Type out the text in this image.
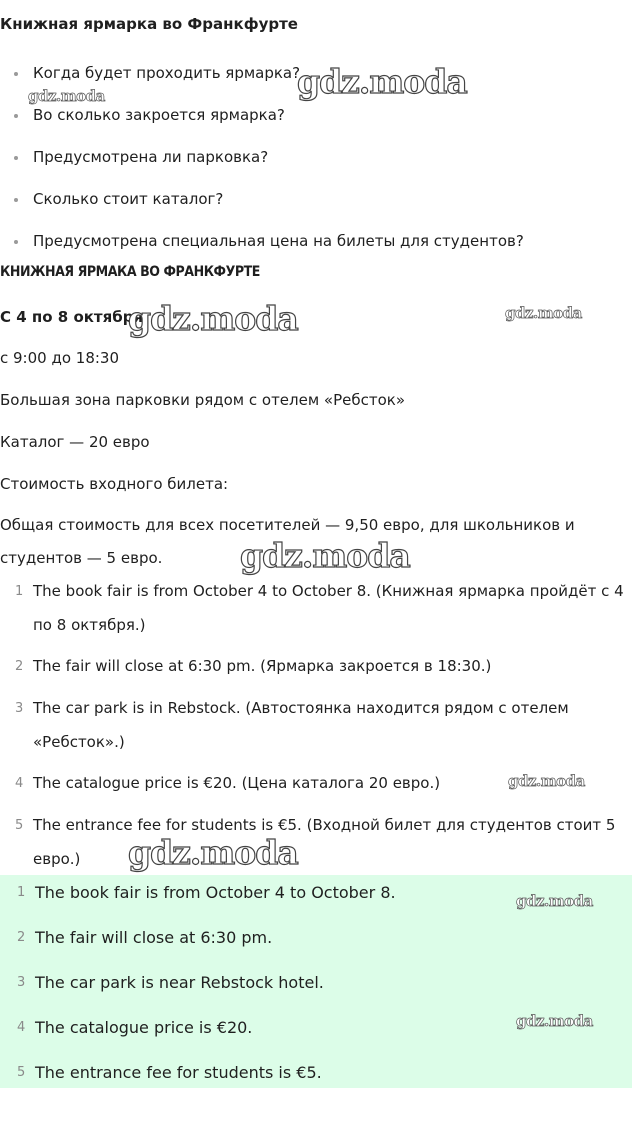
Книжная ярмарка во Франкфурте
Когда будет проходить ярмарка?
Во сколько закроется ярмарка?
Предусмотрена ли парковка?
Сколько стоит каталог?
Предусмотрена специальная цена на билеты для студентов?
КНИЖНАЯ ЯРМАКА ВО ФРАНКФУРТЕ
С 4 по 8 октября
с 9:00 до 18:30
Большая зона парковки рядом с отелем «Ребсток»
Каталог — 20 евро
Стоимость входного билета:
Общая стоимость для всех посетителей — 9,50 евро, для школьников и
студентов — 5 евро.
1 The book fair is from October 4 to October 8. (Книжная ярмарка пройдёт с 4
по 8 октября.)
2 The fair will close at 6:30 pm. (Ярмарка закроется в 18:30.)
3 The car park is in Rebstock. (Автостоянка находится рядом с отелем
«Ребсток».)
4 The catalogue price is €20. (Цена каталога 20 евро.)
5 The entrance fee for students is €5. (Входной билет для студентов стоит 5
евро.)
1 The book fair is from October 4 to October 8.
2 The fair will close at 6:30 pm.
3 The car park is near Rebstock hotel.
4 The catalogue price is €20.
5 The entrance fee for students is €5.
gdz.moda
gdz.moda
gdz.moda	gdz.moda
gdz.moda
gdz.moda
gdz.moda
gdz.moda
gdz.moda
